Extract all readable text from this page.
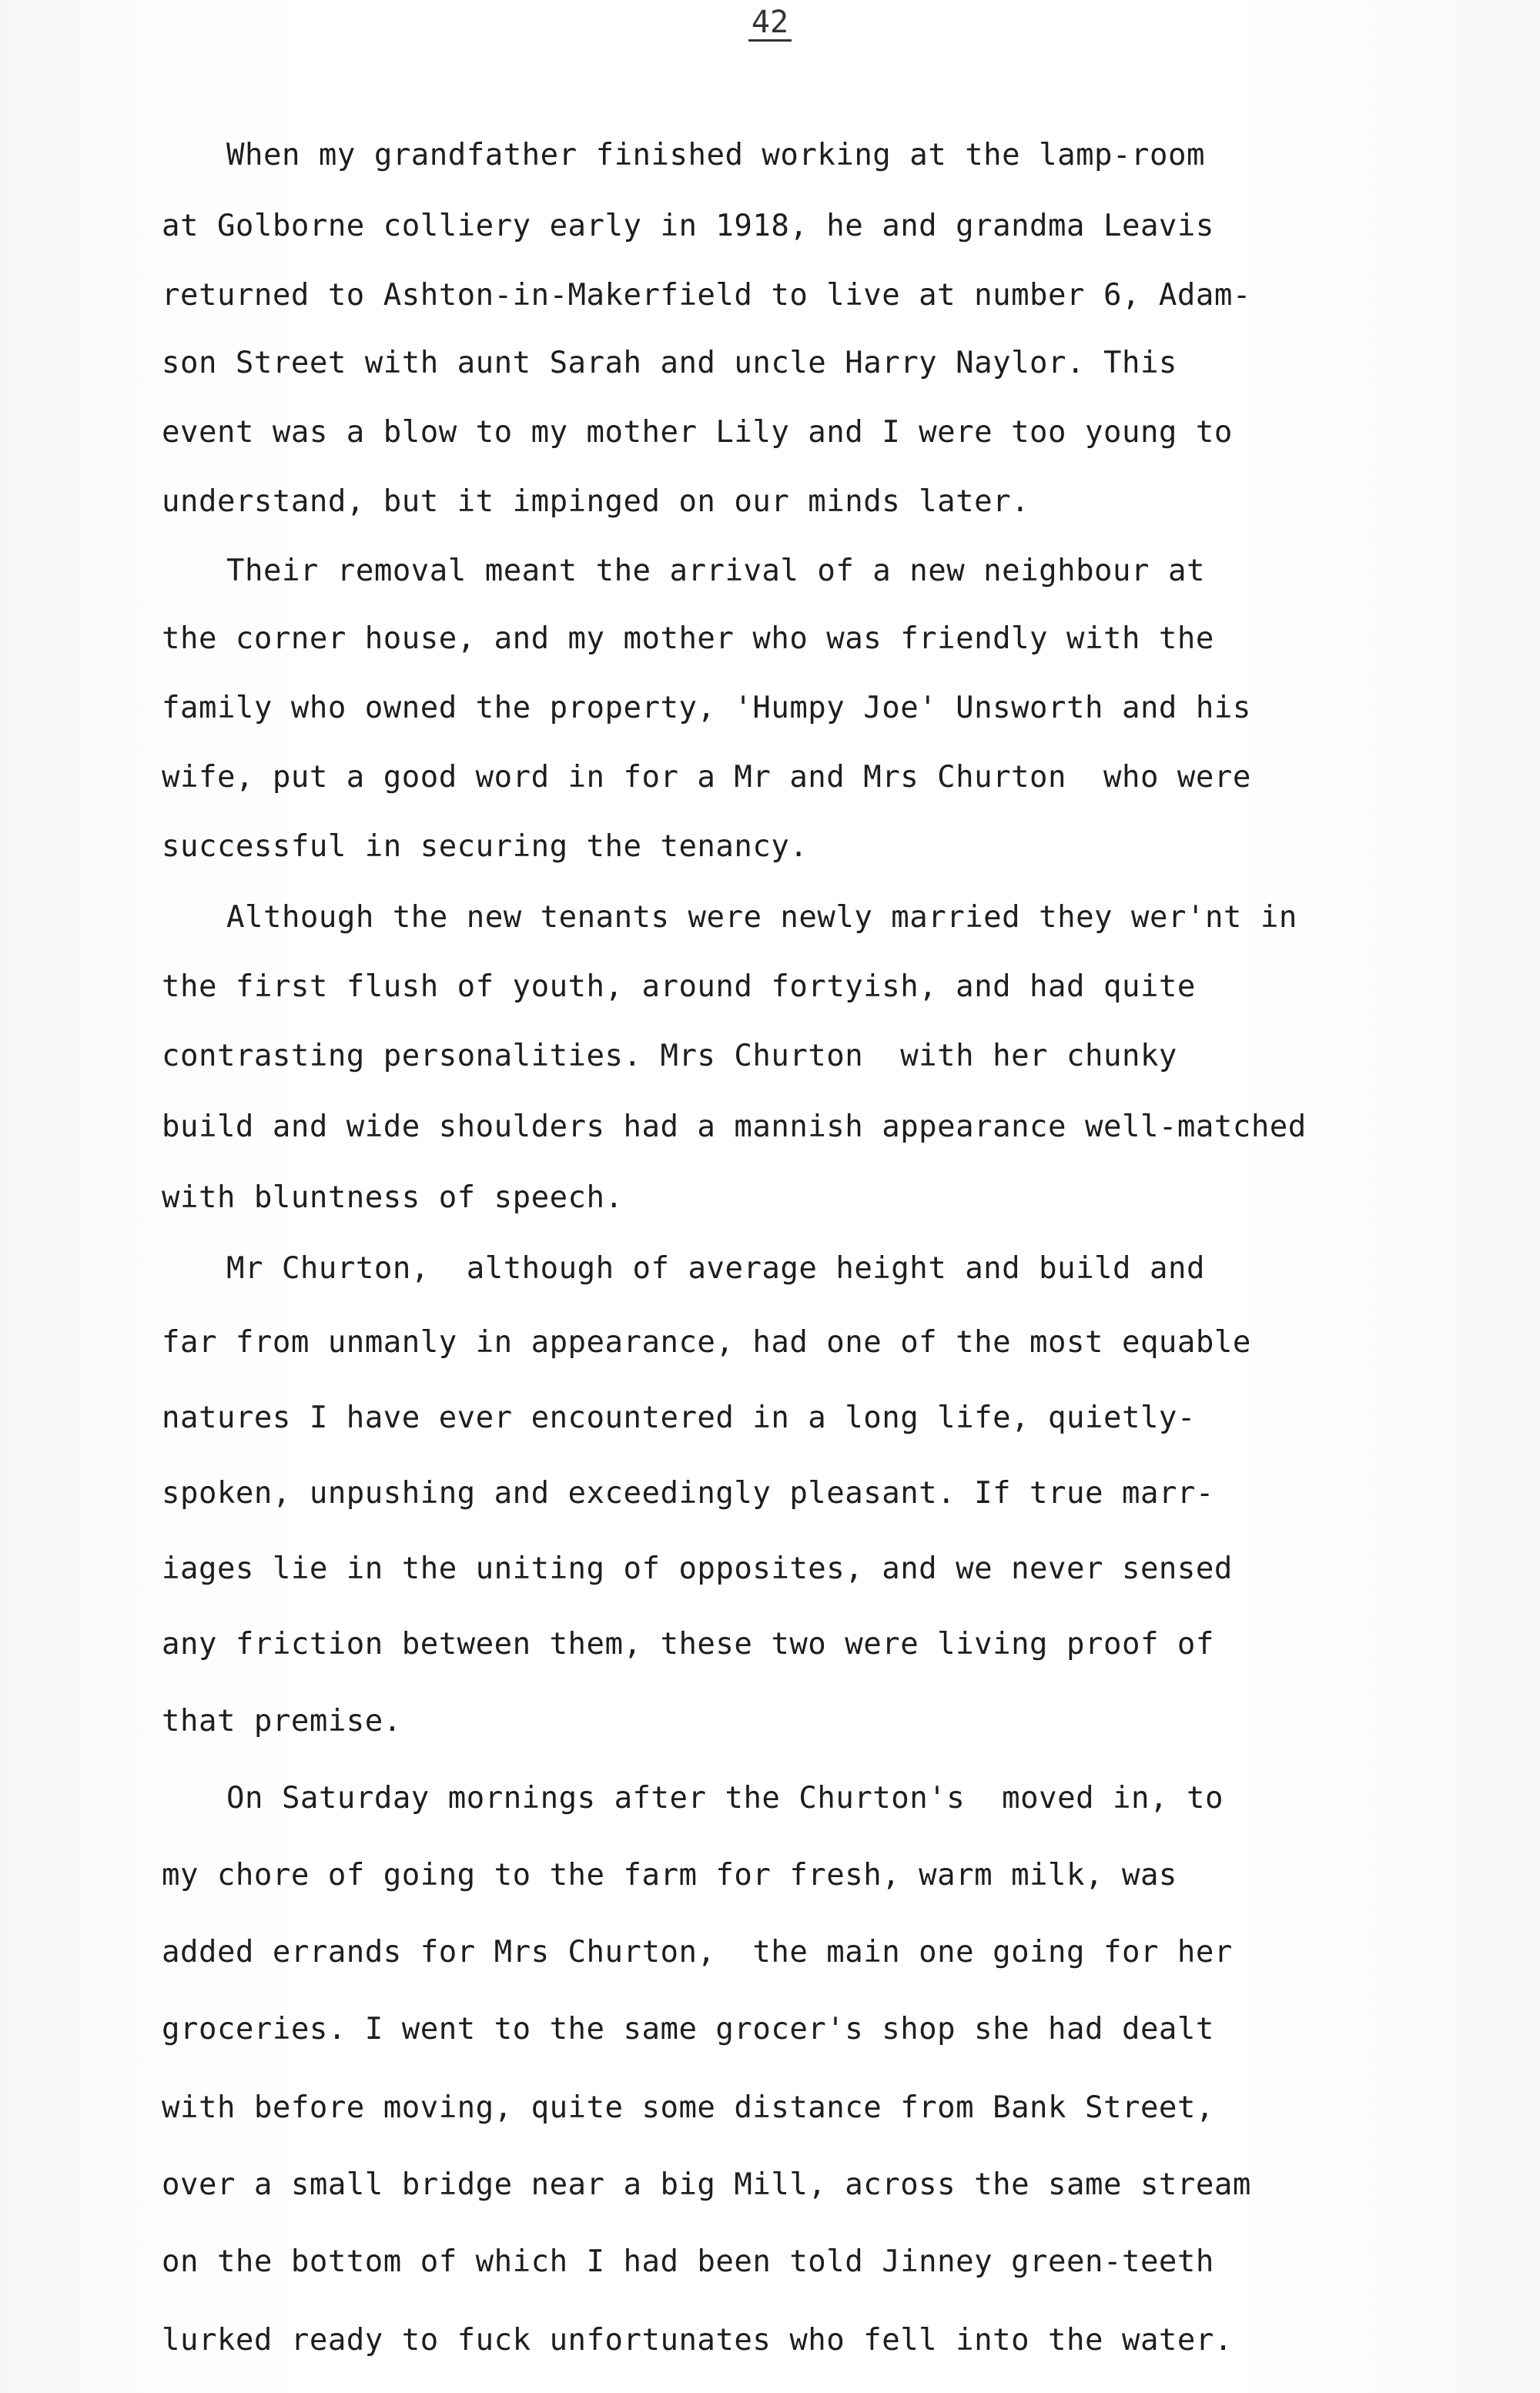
42
When my grandfather finished working at the lamp-room
at Golborne colliery early in 1918, he and grandma Leavis
returned to Ashton-in-Makerfield to live at number 6, Adam-
son Street with aunt Sarah and uncle Harry Naylor. This
event was a blow to my mother Lily and I were too young to
understand, but it impinged on our minds later.
Their removal meant the arrival of a new neighbour at
the corner house, and my mother who was friendly with the
family who owned the property, 'Humpy Joe' Unsworth and his
wife, put a good word in for a Mr and Mrs Churton  who were
successful in securing the tenancy.
Although the new tenants were newly married they wer'nt in
the first flush of youth, around fortyish, and had quite
contrasting personalities. Mrs Churton  with her chunky
build and wide shoulders had a mannish appearance well-matched
with bluntness of speech.
Mr Churton,  although of average height and build and
far from unmanly in appearance, had one of the most equable
natures I have ever encountered in a long life, quietly-
spoken, unpushing and exceedingly pleasant. If true marr-
iages lie in the uniting of opposites, and we never sensed
any friction between them, these two were living proof of
that premise.
On Saturday mornings after the Churton's  moved in, to
my chore of going to the farm for fresh, warm milk, was
added errands for Mrs Churton,  the main one going for her
groceries. I went to the same grocer's shop she had dealt
with before moving, quite some distance from Bank Street,
over a small bridge near a big Mill, across the same stream
on the bottom of which I had been told Jinney green-teeth
lurked ready to fuck unfortunates who fell into the water.
